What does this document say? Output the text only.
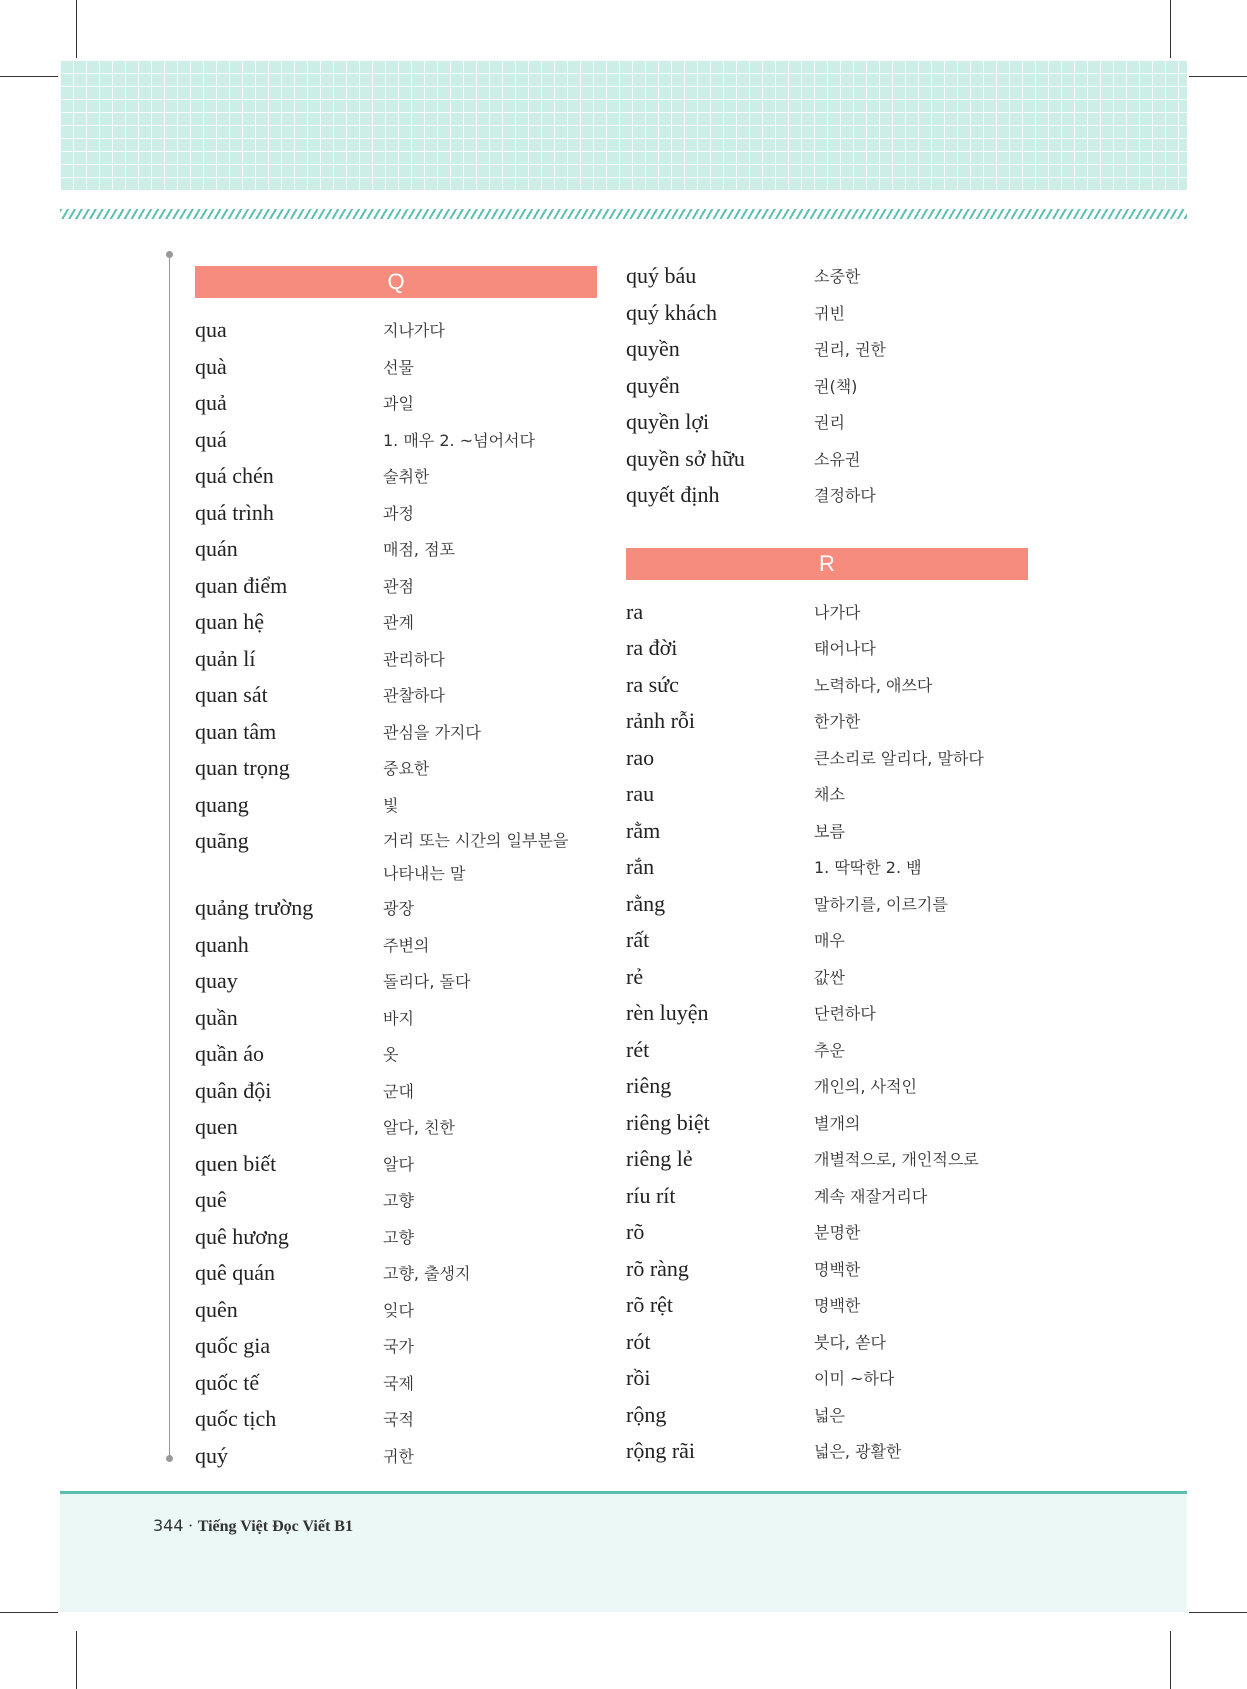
Q
qua	지나가다
quà	선물
quả	과일
quá	1. 매우 2. ~넘어서다
quá chén	술취한
quá trình	과정
quán	매점, 점포
quan điểm	관점
quan hệ	관계
quản lí	관리하다
quan sát	관찰하다
quan tâm	관심을 가지다
quan trọng	중요한
quang	빛
quãng	거리 또는 시간의 일부분을
나타내는 말
quảng trường	광장
quanh	주변의
quay	돌리다, 돌다
quần	바지
quần áo	옷
quân đội	군대
quen	알다, 친한
quen biết	알다
quê	고향
quê hương	고향
quê quán	고향, 출생지
quên	잊다
quốc gia	국가
quốc tế	국제
quốc tịch	국적
quý	귀한
quý báu	소중한
quý khách	귀빈
quyền	권리, 권한
quyển	권(책)
quyền lợi	권리
quyền sở hữu	소유권
quyết định	결정하다
R
ra	나가다
ra đời	태어나다
ra sức	노력하다, 애쓰다
rảnh rỗi	한가한
rao	큰소리로 알리다, 말하다
rau	채소
rằm	보름
rắn	1. 딱딱한 2. 뱀
rằng	말하기를, 이르기를
rất	매우
rẻ	값싼
rèn luyện	단련하다
rét	추운
riêng	개인의, 사적인
riêng biệt	별개의
riêng lẻ	개별적으로, 개인적으로
ríu rít	계속 재잘거리다
rõ	분명한
rõ ràng	명백한
rõ rệt	명백한
rót	붓다, 쏟다
rồi	이미 ~하다
rộng	넓은
rộng rãi	넓은, 광활한
344 · Tiếng Việt Đọc Viết B1
